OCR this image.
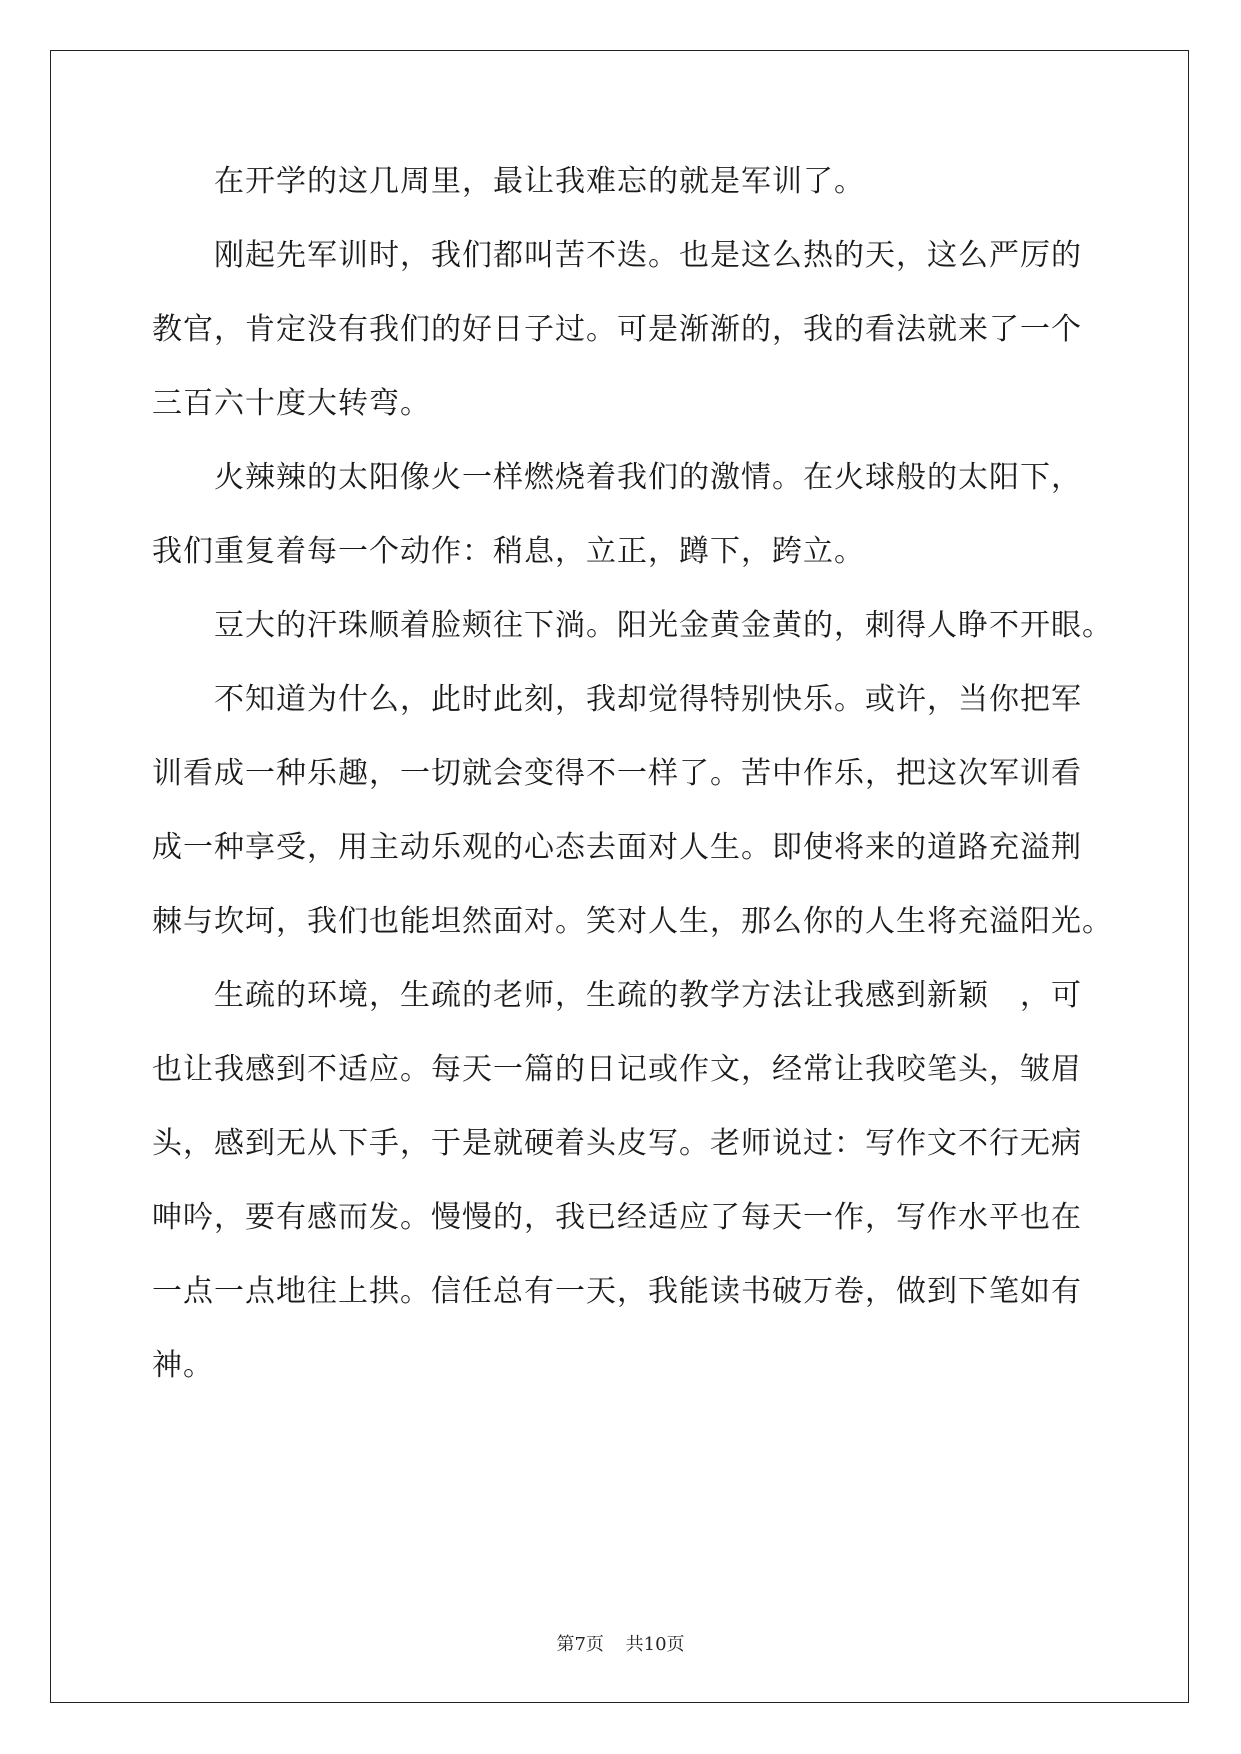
在开学的这几周里，最让我难忘的就是军训了。
刚起先军训时，我们都叫苦不迭。也是这么热的天，这么严厉的
教官，肯定没有我们的好日子过。可是渐渐的，我的看法就来了一个
三百六十度大转弯。
火辣辣的太阳像火一样燃烧着我们的激情。在火球般的太阳下，
我们重复着每一个动作：稍息，立正，蹲下，跨立。
豆大的汗珠顺着脸颊往下淌。阳光金黄金黄的，刺得人睁不开眼。
不知道为什么，此时此刻，我却觉得特别快乐。或许，当你把军
训看成一种乐趣，一切就会变得不一样了。苦中作乐，把这次军训看
成一种享受，用主动乐观的心态去面对人生。即使将来的道路充溢荆
棘与坎坷，我们也能坦然面对。笑对人生，那么你的人生将充溢阳光。
生疏的环境，生疏的老师，生疏的教学方法让我感到新颖　，可
也让我感到不适应。每天一篇的日记或作文，经常让我咬笔头，皱眉
头，感到无从下手，于是就硬着头皮写。老师说过：写作文不行无病
呻吟，要有感而发。慢慢的，我已经适应了每天一作，写作水平也在
一点一点地往上拱。信任总有一天，我能读书破万卷，做到下笔如有
神。
第7页 共10页
